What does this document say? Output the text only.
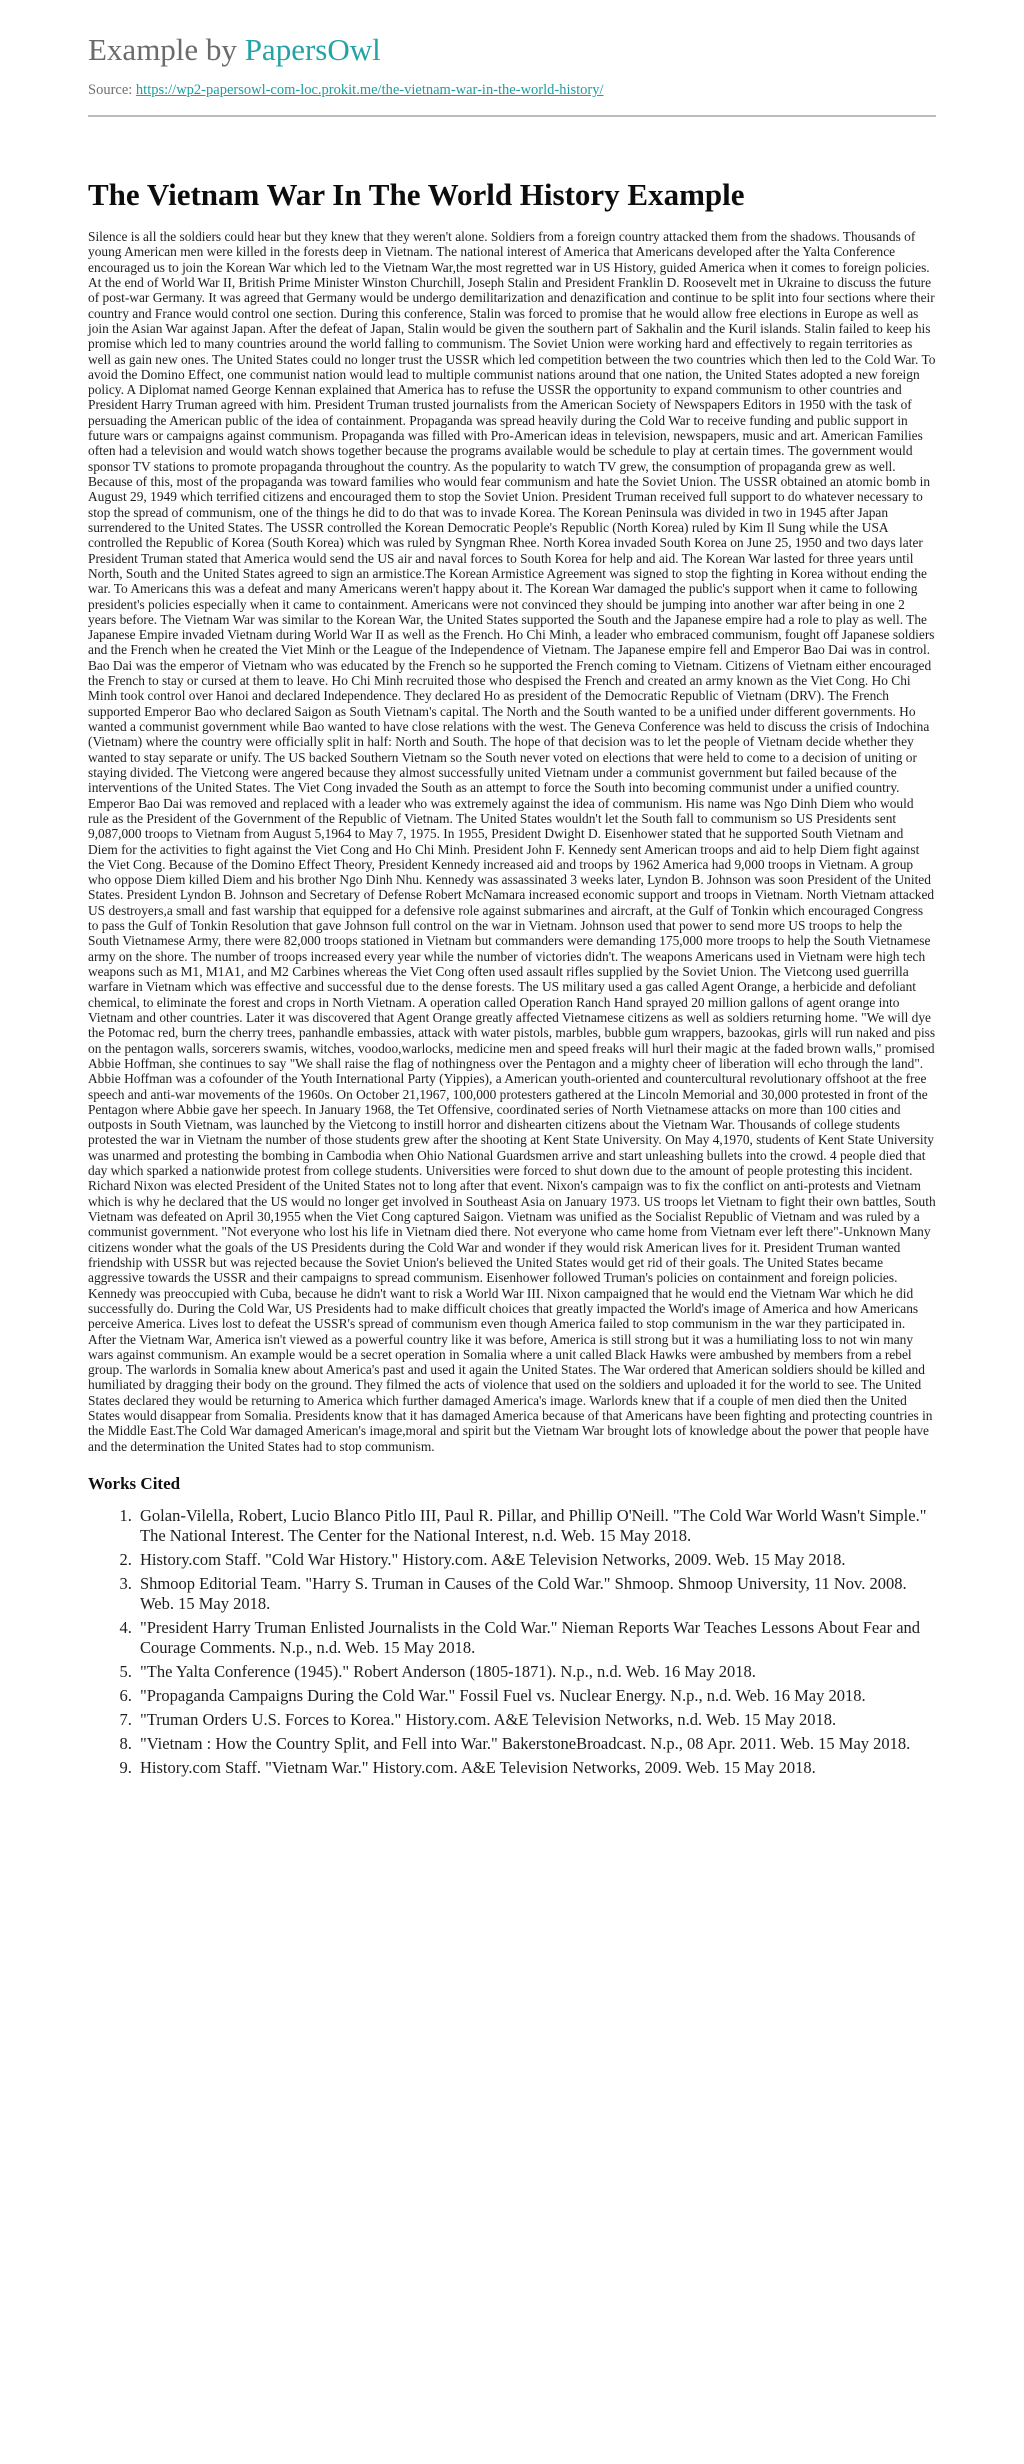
Example by PapersOwl
Source: https://wp2-papersowl-com-loc.prokit.me/the-vietnam-war-in-the-world-history/
The Vietnam War In The World History Example

Silence is all the soldiers could hear but they knew that they weren't alone. Soldiers from a foreign country attacked them from the shadows. Thousands of young American men were killed in the forests deep in Vietnam. The national interest of America that Americans developed after the Yalta Conference encouraged us to join the Korean War which led to the Vietnam War,the most regretted war in US History, guided America when it comes to foreign policies. At the end of World War II, British Prime Minister Winston Churchill, Joseph Stalin and President Franklin D. Roosevelt met in Ukraine to discuss the future of post-war Germany. It was agreed that Germany would be undergo demilitarization and denazification and continue to be split into four sections where their country and France would control one section. During this conference, Stalin was forced to promise that he would allow free elections in Europe as well as join the Asian War against Japan. After the defeat of Japan, Stalin would be given the southern part of Sakhalin and the Kuril islands. Stalin failed to keep his promise which led to many countries around the world falling to communism. The Soviet Union were working hard and effectively to regain territories as well as gain new ones. The United States could no longer trust the USSR which led competition between the two countries which then led to the Cold War. To avoid the Domino Effect, one communist nation would lead to multiple communist nations around that one nation, the United States adopted a new foreign policy. A Diplomat named George Kennan explained that America has to refuse the USSR the opportunity to expand communism to other countries and President Harry Truman agreed with him. President Truman trusted journalists from the American Society of Newspapers Editors in 1950 with the task of persuading the American public of the idea of containment. Propaganda was spread heavily during the Cold War to receive funding and public support in future wars or campaigns against communism. Propaganda was filled with Pro-American ideas in television, newspapers, music and art. American Families often had a television and would watch shows together because the programs available would be schedule to play at certain times. The government would sponsor TV stations to promote propaganda throughout the country. As the popularity to watch TV grew, the consumption of propaganda grew as well. Because of this, most of the propaganda was toward families who would fear communism and hate the Soviet Union. The USSR obtained an atomic bomb in August 29, 1949 which terrified citizens and encouraged them to stop the Soviet Union. President Truman received full support to do whatever necessary to stop the spread of communism, one of the things he did to do that was to invade Korea. The Korean Peninsula was divided in two in 1945 after Japan surrendered to the United States. The USSR controlled the Korean Democratic People's Republic (North Korea) ruled by Kim Il Sung while the USA controlled the Republic of Korea (South Korea) which was ruled by Syngman Rhee. North Korea invaded South Korea on June 25, 1950 and two days later President Truman stated that America would send the US air and naval forces to South Korea for help and aid. The Korean War lasted for three years until North, South and the United States agreed to sign an armistice.The Korean Armistice Agreement was signed to stop the fighting in Korea without ending the war. To Americans this was a defeat and many Americans weren't happy about it. The Korean War damaged the public's support when it came to following president's policies especially when it came to containment. Americans were not convinced they should be jumping into another war after being in one 2 years before. The Vietnam War was similar to the Korean War, the United States supported the South and the Japanese empire had a role to play as well. The Japanese Empire invaded Vietnam during World War II as well as the French. Ho Chi Minh, a leader who embraced communism, fought off Japanese soldiers and the French when he created the Viet Minh or the League of the Independence of Vietnam. The Japanese empire fell and Emperor Bao Dai was in control. Bao Dai was the emperor of Vietnam who was educated by the French so he supported the French coming to Vietnam. Citizens of Vietnam either encouraged the French to stay or cursed at them to leave. Ho Chi Minh recruited those who despised the French and created an army known as the Viet Cong. Ho Chi Minh took control over Hanoi and declared Independence. They declared Ho as president of the Democratic Republic of Vietnam (DRV). The French supported Emperor Bao who declared Saigon as South Vietnam's capital. The North and the South wanted to be a unified under different governments. Ho wanted a communist government while Bao wanted to have close relations with the west. The Geneva Conference was held to discuss the crisis of Indochina (Vietnam) where the country were officially split in half: North and South. The hope of that decision was to let the people of Vietnam decide whether they wanted to stay separate or unify. The US backed Southern Vietnam so the South never voted on elections that were held to come to a decision of uniting or staying divided. The Vietcong were angered because they almost successfully united Vietnam under a communist government but failed because of the interventions of the United States. The Viet Cong invaded the South as an attempt to force the South into becoming communist under a unified country. Emperor Bao Dai was removed and replaced with a leader who was extremely against the idea of communism. His name was Ngo Dinh Diem who would rule as the President of the Government of the Republic of Vietnam. The United States wouldn't let the South fall to communism so US Presidents sent 9,087,000 troops to Vietnam from August 5,1964 to May 7, 1975. In 1955, President Dwight D. Eisenhower stated that he supported South Vietnam and Diem for the activities to fight against the Viet Cong and Ho Chi Minh. President John F. Kennedy sent American troops and aid to help Diem fight against the Viet Cong. Because of the Domino Effect Theory, President Kennedy increased aid and troops by 1962 America had 9,000 troops in Vietnam. A group who oppose Diem killed Diem and his brother Ngo Dinh Nhu. Kennedy was assassinated 3 weeks later, Lyndon B. Johnson was soon President of the United States. President Lyndon B. Johnson and Secretary of Defense Robert McNamara increased economic support and troops in Vietnam. North Vietnam attacked US destroyers,a small and fast warship that equipped for a defensive role against submarines and aircraft, at the Gulf of Tonkin which encouraged Congress to pass the Gulf of Tonkin Resolution that gave Johnson full control on the war in Vietnam. Johnson used that power to send more US troops to help the South Vietnamese Army, there were 82,000 troops stationed in Vietnam but commanders were demanding 175,000 more troops to help the South Vietnamese army on the shore. The number of troops increased every year while the number of victories didn't. The weapons Americans used in Vietnam were high tech weapons such as M1, M1A1, and M2 Carbines whereas the Viet Cong often used assault rifles supplied by the Soviet Union. The Vietcong used guerrilla warfare in Vietnam which was effective and successful due to the dense forests. The US military used a gas called Agent Orange, a herbicide and defoliant chemical, to eliminate the forest and crops in North Vietnam. A operation called Operation Ranch Hand sprayed 20 million gallons of agent orange into Vietnam and other countries. Later it was discovered that Agent Orange greatly affected Vietnamese citizens as well as soldiers returning home. "We will dye the Potomac red, burn the cherry trees, panhandle embassies, attack with water pistols, marbles, bubble gum wrappers, bazookas, girls will run naked and piss on the pentagon walls, sorcerers swamis, witches, voodoo,warlocks, medicine men and speed freaks will hurl their magic at the faded brown walls," promised Abbie Hoffman, she continues to say "We shall raise the flag of nothingness over the Pentagon and a mighty cheer of liberation will echo through the land". Abbie Hoffman was a cofounder of the Youth International Party (Yippies), a American youth-oriented and countercultural revolutionary offshoot at the free speech and anti-war movements of the 1960s. On October 21,1967, 100,000 protesters gathered at the Lincoln Memorial and 30,000 protested in front of the Pentagon where Abbie gave her speech. In January 1968, the Tet Offensive, coordinated series of North Vietnamese attacks on more than 100 cities and outposts in South Vietnam, was launched by the Vietcong to instill horror and dishearten citizens about the Vietnam War. Thousands of college students protested the war in Vietnam the number of those students grew after the shooting at Kent State University. On May 4,1970, students of Kent State University was unarmed and protesting the bombing in Cambodia when Ohio National Guardsmen arrive and start unleashing bullets into the crowd. 4 people died that day which sparked a nationwide protest from college students. Universities were forced to shut down due to the amount of people protesting this incident. Richard Nixon was elected President of the United States not to long after that event. Nixon's campaign was to fix the conflict on anti-protests and Vietnam which is why he declared that the US would no longer get involved in Southeast Asia on January 1973. US troops let Vietnam to fight their own battles, South Vietnam was defeated on April 30,1955 when the Viet Cong captured Saigon. Vietnam was unified as the Socialist Republic of Vietnam and was ruled by a communist government. "Not everyone who lost his life in Vietnam died there. Not everyone who came home from Vietnam ever left there"-Unknown Many citizens wonder what the goals of the US Presidents during the Cold War and wonder if they would risk American lives for it. President Truman wanted friendship with USSR but was rejected because the Soviet Union's believed the United States would get rid of their goals. The United States became aggressive towards the USSR and their campaigns to spread communism. Eisenhower followed Truman's policies on containment and foreign policies. Kennedy was preoccupied with Cuba, because he didn't want to risk a World War III. Nixon campaigned that he would end the Vietnam War which he did successfully do. During the Cold War, US Presidents had to make difficult choices that greatly impacted the World's image of America and how Americans perceive America. Lives lost to defeat the USSR's spread of communism even though America failed to stop communism in the war they participated in. After the Vietnam War, America isn't viewed as a powerful country like it was before, America is still strong but it was a humiliating loss to not win many wars against communism. An example would be a secret operation in Somalia where a unit called Black Hawks were ambushed by members from a rebel group. The warlords in Somalia knew about America's past and used it again the United States. The War ordered that American soldiers should be killed and humiliated by dragging their body on the ground. They filmed the acts of violence that used on the soldiers and uploaded it for the world to see. The United States declared they would be returning to America which further damaged America's image. Warlords knew that if a couple of men died then the United States would disappear from Somalia. Presidents know that it has damaged America because of that Americans have been fighting and protecting countries in the Middle East.The Cold War damaged American's image,moral and spirit but the Vietnam War brought lots of knowledge about the power that people have and the determination the United States had to stop communism.

Works Cited
1. Golan-Vilella, Robert, Lucio Blanco Pitlo III, Paul R. Pillar, and Phillip O'Neill. "The Cold War World Wasn't Simple." The National Interest. The Center for the National Interest, n.d. Web. 15 May 2018.
2. History.com Staff. "Cold War History." History.com. A&E Television Networks, 2009. Web. 15 May 2018.
3. Shmoop Editorial Team. "Harry S. Truman in Causes of the Cold War." Shmoop. Shmoop University, 11 Nov. 2008. Web. 15 May 2018.
4. "President Harry Truman Enlisted Journalists in the Cold War." Nieman Reports War Teaches Lessons About Fear and Courage Comments. N.p., n.d. Web. 15 May 2018.
5. "The Yalta Conference (1945)." Robert Anderson (1805-1871). N.p., n.d. Web. 16 May 2018.
6. "Propaganda Campaigns During the Cold War." Fossil Fuel vs. Nuclear Energy. N.p., n.d. Web. 16 May 2018.
7. "Truman Orders U.S. Forces to Korea." History.com. A&E Television Networks, n.d. Web. 15 May 2018.
8. "Vietnam : How the Country Split, and Fell into War." BakerstoneBroadcast. N.p., 08 Apr. 2011. Web. 15 May 2018.
9. History.com Staff. "Vietnam War." History.com. A&E Television Networks, 2009. Web. 15 May 2018.
